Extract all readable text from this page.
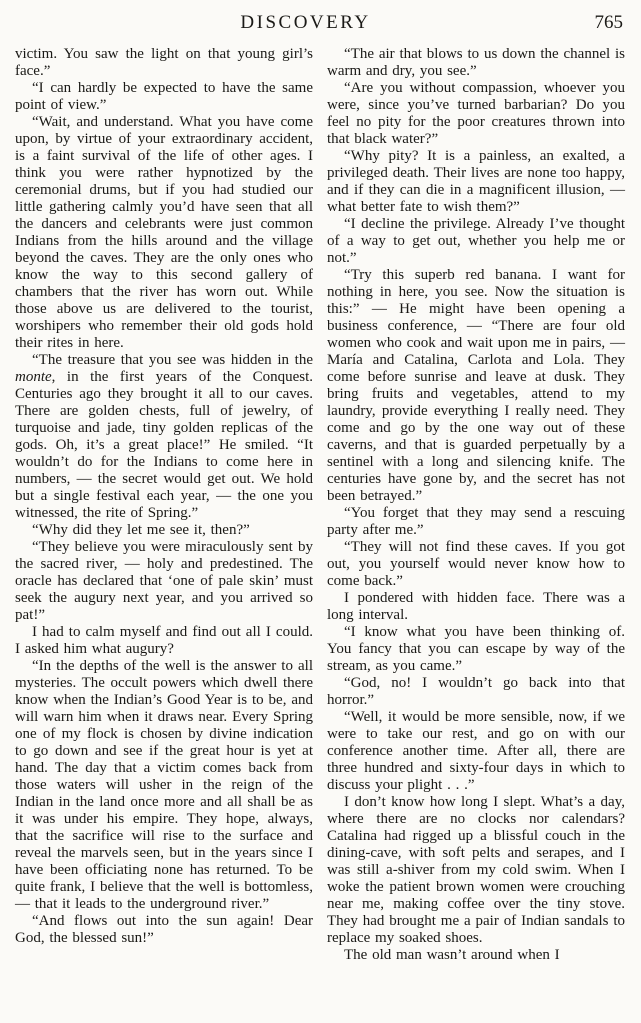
DISCOVERY	765

victim. You saw the light on that young girl’s face.”

“I can hardly be expected to have the same point of view.”

“Wait, and understand. What you have come upon, by virtue of your extraordinary accident, is a faint survival of the life of other ages. I think you were rather hypnotized by the ceremonial drums, but if you had studied our little gathering calmly you’d have seen that all the dancers and celebrants were just common Indians from the hills around and the village beyond the caves. They are the only ones who know the way to this second gallery of chambers that the river has worn out. While those above us are delivered to the tourist, worshipers who remember their old gods hold their rites in here.

“The treasure that you see was hidden in the monte, in the first years of the Conquest. Centuries ago they brought it all to our caves. There are golden chests, full of jewelry, of turquoise and jade, tiny golden replicas of the gods. Oh, it’s a great place!” He smiled. “It wouldn’t do for the Indians to come here in numbers, — the secret would get out. We hold but a single festival each year, — the one you witnessed, the rite of Spring.”

“Why did they let me see it, then?”

“They believe you were miraculously sent by the sacred river, — holy and predestined. The oracle has declared that ‘one of pale skin’ must seek the augury next year, and you arrived so pat!”

I had to calm myself and find out all I could. I asked him what augury?

“In the depths of the well is the answer to all mysteries. The occult powers which dwell there know when the Indian’s Good Year is to be, and will warn him when it draws near. Every Spring one of my flock is chosen by divine indication to go down and see if the great hour is yet at hand. The day that a victim comes back from those waters will usher in the reign of the Indian in the land once more and all shall be as it was under his empire. They hope, always, that the sacrifice will rise to the surface and reveal the marvels seen, but in the years since I have been officiating none has returned. To be quite frank, I believe that the well is bottomless, — that it leads to the underground river.”

“And flows out into the sun again! Dear God, the blessed sun!”

“The air that blows to us down the channel is warm and dry, you see.”

“Are you without compassion, whoever you were, since you’ve turned barbarian? Do you feel no pity for the poor creatures thrown into that black water?”

“Why pity? It is a painless, an exalted, a privileged death. Their lives are none too happy, and if they can die in a magnificent illusion, — what better fate to wish them?”

“I decline the privilege. Already I’ve thought of a way to get out, whether you help me or not.”

“Try this superb red banana. I want for nothing in here, you see. Now the situation is this:” — He might have been opening a business conference, — “There are four old women who cook and wait upon me in pairs, — María and Catalina, Carlota and Lola. They come before sunrise and leave at dusk. They bring fruits and vegetables, attend to my laundry, provide everything I really need. They come and go by the one way out of these caverns, and that is guarded perpetually by a sentinel with a long and silencing knife. The centuries have gone by, and the secret has not been betrayed.”

“You forget that they may send a rescuing party after me.”

“They will not find these caves. If you got out, you yourself would never know how to come back.”

I pondered with hidden face. There was a long interval.

“I know what you have been thinking of. You fancy that you can escape by way of the stream, as you came.”

“God, no! I wouldn’t go back into that horror.”

“Well, it would be more sensible, now, if we were to take our rest, and go on with our conference another time. After all, there are three hundred and sixty-four days in which to discuss your plight . . .”

I don’t know how long I slept. What’s a day, where there are no clocks nor calendars? Catalina had rigged up a blissful couch in the dining-cave, with soft pelts and serapes, and I was still a-shiver from my cold swim. When I woke the patient brown women were crouching near me, making coffee over the tiny stove. They had brought me a pair of Indian sandals to replace my soaked shoes.

The old man wasn’t around when I
